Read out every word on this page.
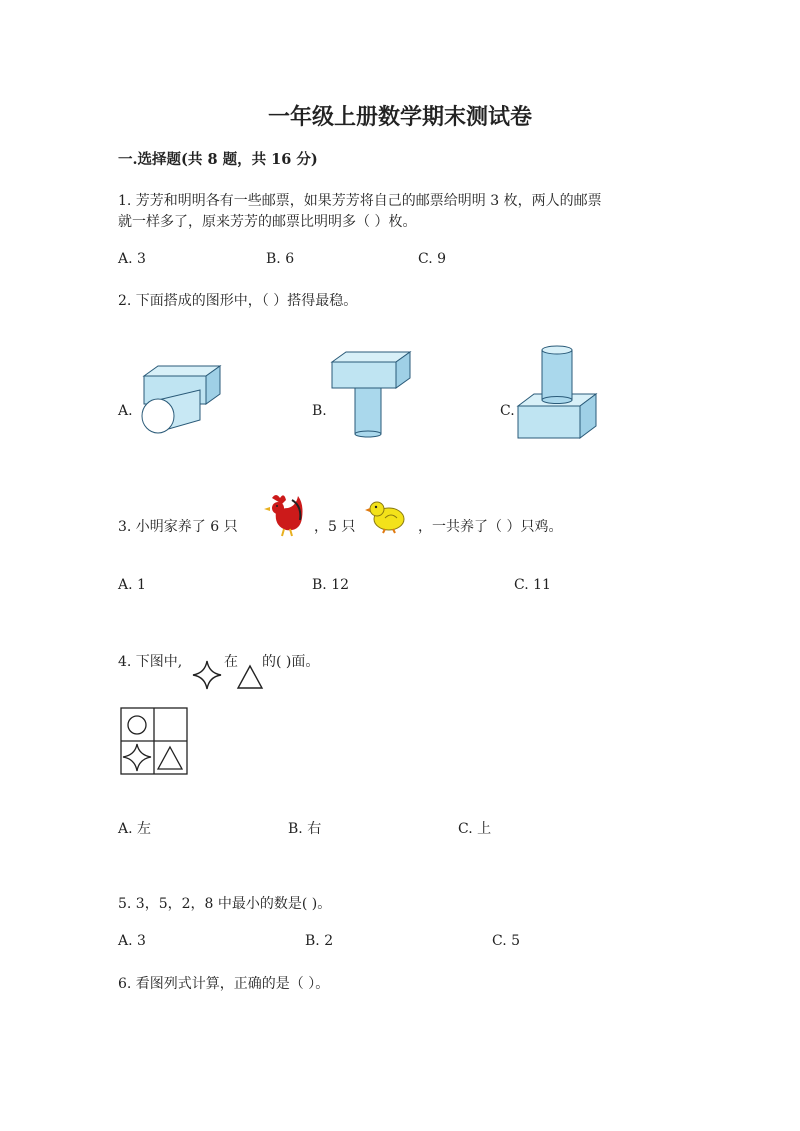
一年级上册数学期末测试卷
一.选择题(共 8 题，共 16 分)
1. 芳芳和明明各有一些邮票，如果芳芳将自己的邮票给明明 3 枚，两人的邮票
就一样多了，原来芳芳的邮票比明明多（ ）枚。
A. 3	B. 6	C. 9
2. 下面搭成的图形中，（ ）搭得最稳。
A.	B.	C.
3. 小明家养了 6 只	，5 只	，一共养了（ ）只鸡。
A. 1	B. 12	C. 11
4. 下图中,	在 的( )面。
A. 左	B. 右	C. 上
5. 3，5，2，8 中最小的数是( )。
A. 3	B. 2	C. 5
6. 看图列式计算，正确的是（ ）。
